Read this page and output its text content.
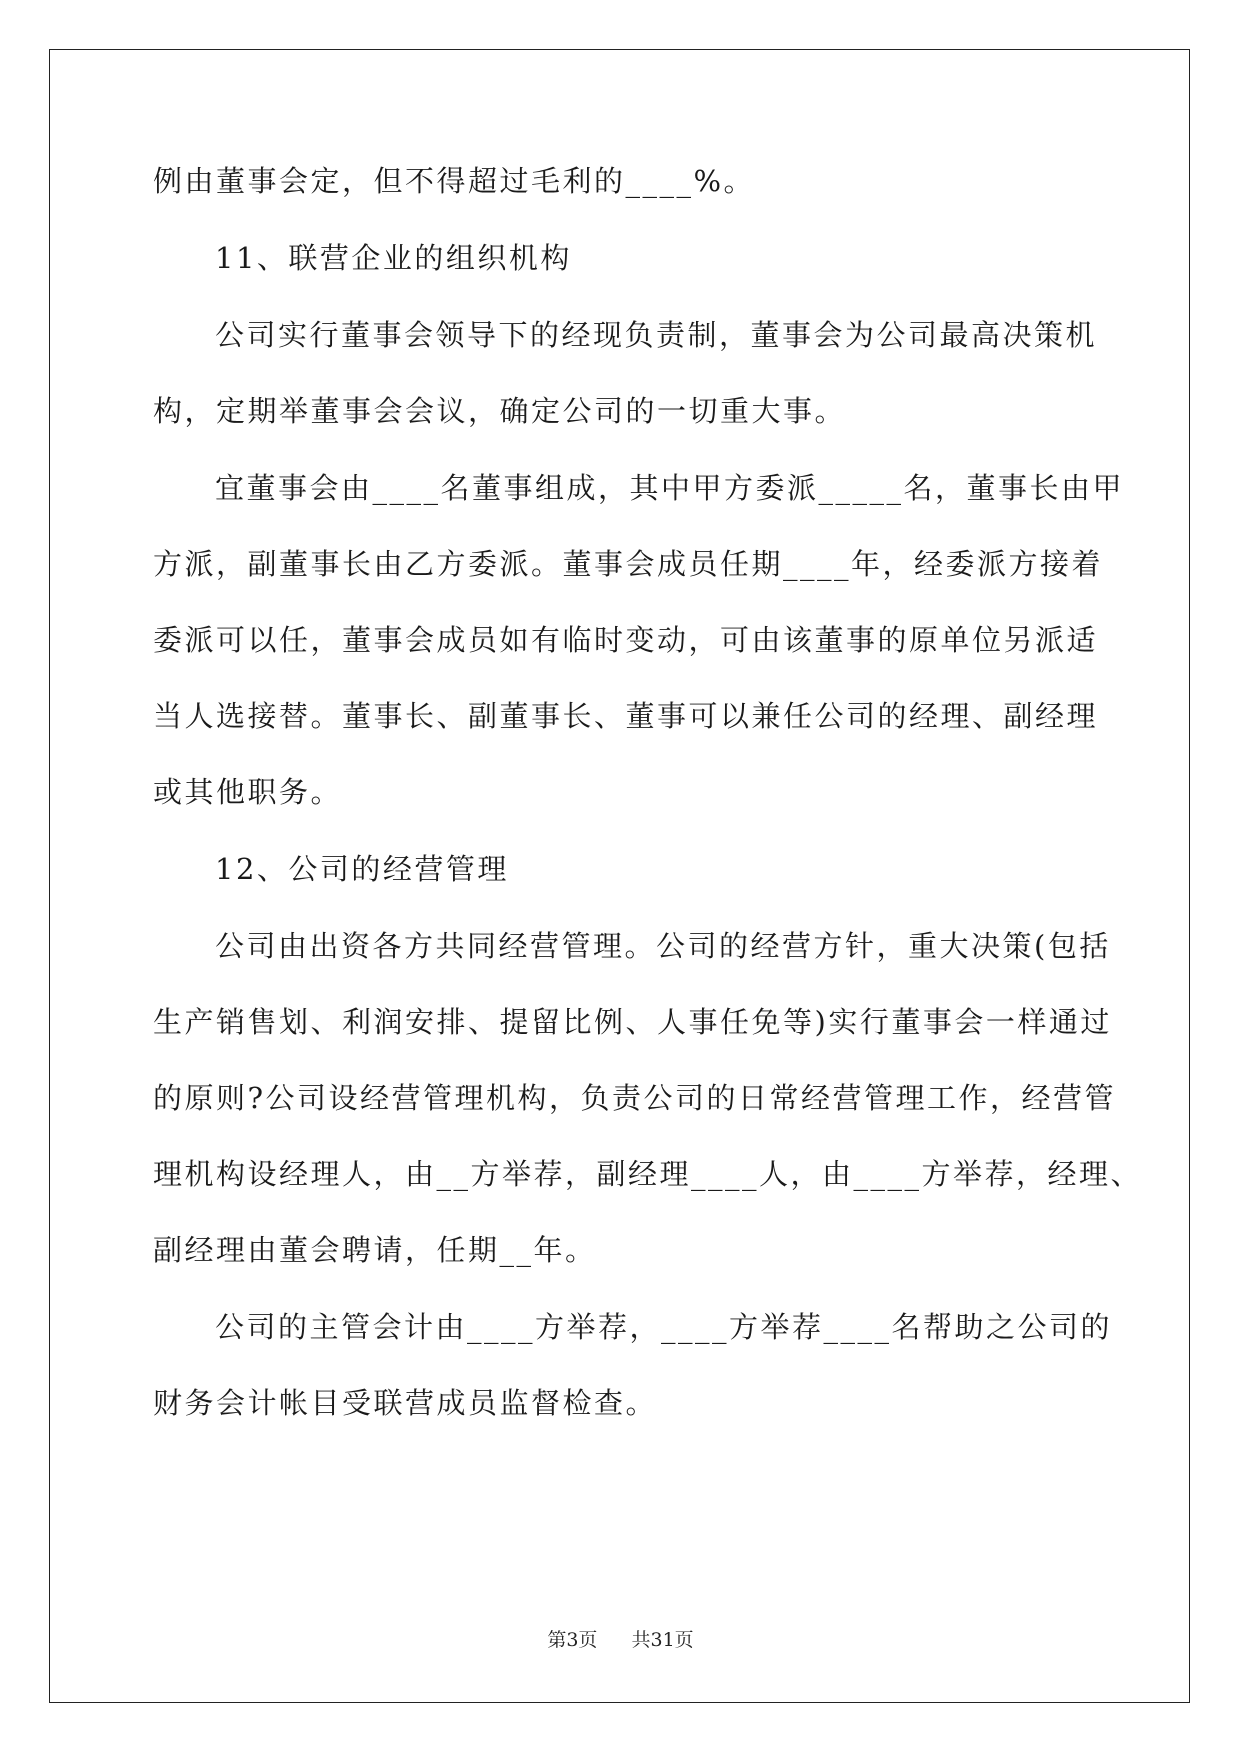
例由董事会定，但不得超过毛利的____%。
11、联营企业的组织机构
公司实行董事会领导下的经现负责制，董事会为公司最高决策机
构，定期举董事会会议，确定公司的一切重大事。
宜董事会由____名董事组成，其中甲方委派_____名，董事长由甲
方派，副董事长由乙方委派。董事会成员任期____年，经委派方接着
委派可以任，董事会成员如有临时变动，可由该董事的原单位另派适
当人选接替。董事长、副董事长、董事可以兼任公司的经理、副经理
或其他职务。
12、公司的经营管理
公司由出资各方共同经营管理。公司的经营方针，重大决策(包括
生产销售划、利润安排、提留比例、人事任免等)实行董事会一样通过
的原则?公司设经营管理机构，负责公司的日常经营管理工作，经营管
理机构设经理人，由__方举荐，副经理____人，由____方举荐，经理、
副经理由董会聘请，任期__年。
公司的主管会计由____方举荐，____方举荐____名帮助之公司的
财务会计帐目受联营成员监督检查。
第3页 共31页
